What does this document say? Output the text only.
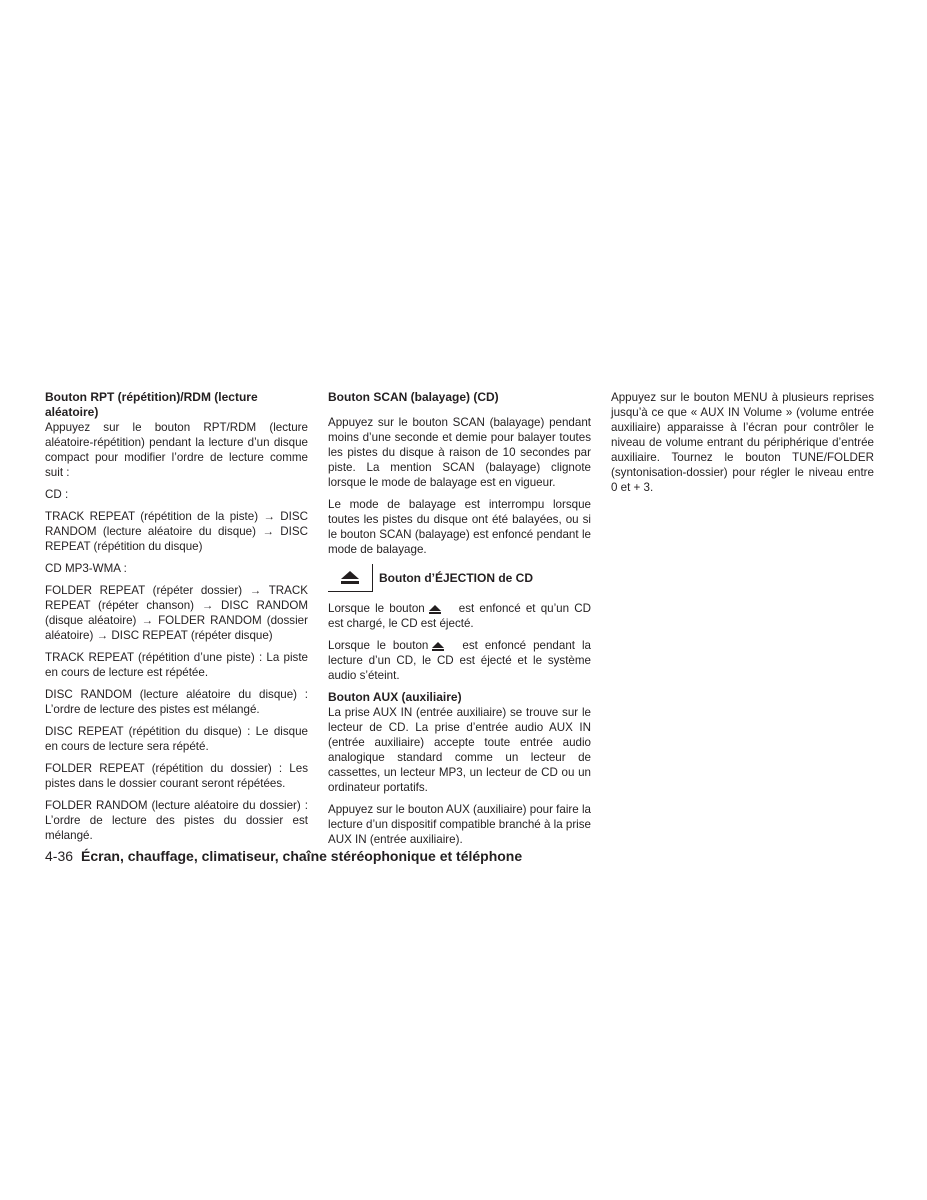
Bouton RPT (répétition)/RDM (lecture
aléatoire)

Appuyez sur le bouton RPT/RDM (lecture aléatoire-répétition) pendant la lecture d’un disque compact pour modifier l’ordre de lecture comme suit :

CD :

TRACK REPEAT (répétition de la piste) → DISC RANDOM (lecture aléatoire du disque) → DISC REPEAT (répétition du disque)

CD MP3-WMA :

FOLDER REPEAT (répéter dossier) → TRACK REPEAT (répéter chanson) → DISC RANDOM (disque aléatoire) → FOLDER RANDOM (dossier aléatoire) → DISC REPEAT (répéter disque)

TRACK REPEAT (répétition d’une piste) : La piste en cours de lecture est répétée.

DISC RANDOM (lecture aléatoire du disque) : L’ordre de lecture des pistes est mélangé.

DISC REPEAT (répétition du disque) : Le disque en cours de lecture sera répété.

FOLDER REPEAT (répétition du dossier) : Les pistes dans le dossier courant seront répétées.

FOLDER RANDOM (lecture aléatoire du dossier) : L’ordre de lecture des pistes du dossier est mélangé.

Bouton SCAN (balayage) (CD)

Appuyez sur le bouton SCAN (balayage) pendant moins d’une seconde et demie pour balayer toutes les pistes du disque à raison de 10 secondes par piste. La mention SCAN (balayage) clignote lorsque le mode de balayage est en vigueur.

Le mode de balayage est interrompu lorsque toutes les pistes du disque ont été balayées, ou si le bouton SCAN (balayage) est enfoncé pendant le mode de balayage.

Bouton d’ÉJECTION de CD

Lorsque le bouton	est enfoncé et qu’un CD est chargé, le CD est éjecté.

Lorsque le bouton	est enfoncé pendant la lecture d’un CD, le CD est éjecté et le système audio s’éteint.

Bouton AUX (auxiliaire)

La prise AUX IN (entrée auxiliaire) se trouve sur le lecteur de CD. La prise d’entrée audio AUX IN (entrée auxiliaire) accepte toute entrée audio analogique standard comme un lecteur de cassettes, un lecteur MP3, un lecteur de CD ou un ordinateur portatifs.

Appuyez sur le bouton AUX (auxiliaire) pour faire la lecture d’un dispositif compatible branché à la prise AUX IN (entrée auxiliaire).

Appuyez sur le bouton MENU à plusieurs reprises jusqu’à ce que « AUX IN Volume » (volume entrée auxiliaire) apparaisse à l’écran pour contrôler le niveau de volume entrant du périphérique d’entrée auxiliaire. Tournez le bouton TUNE/FOLDER (syntonisation-dossier) pour régler le niveau entre 0 et + 3.

4-36 Écran, chauffage, climatiseur, chaîne stéréophonique et téléphone
